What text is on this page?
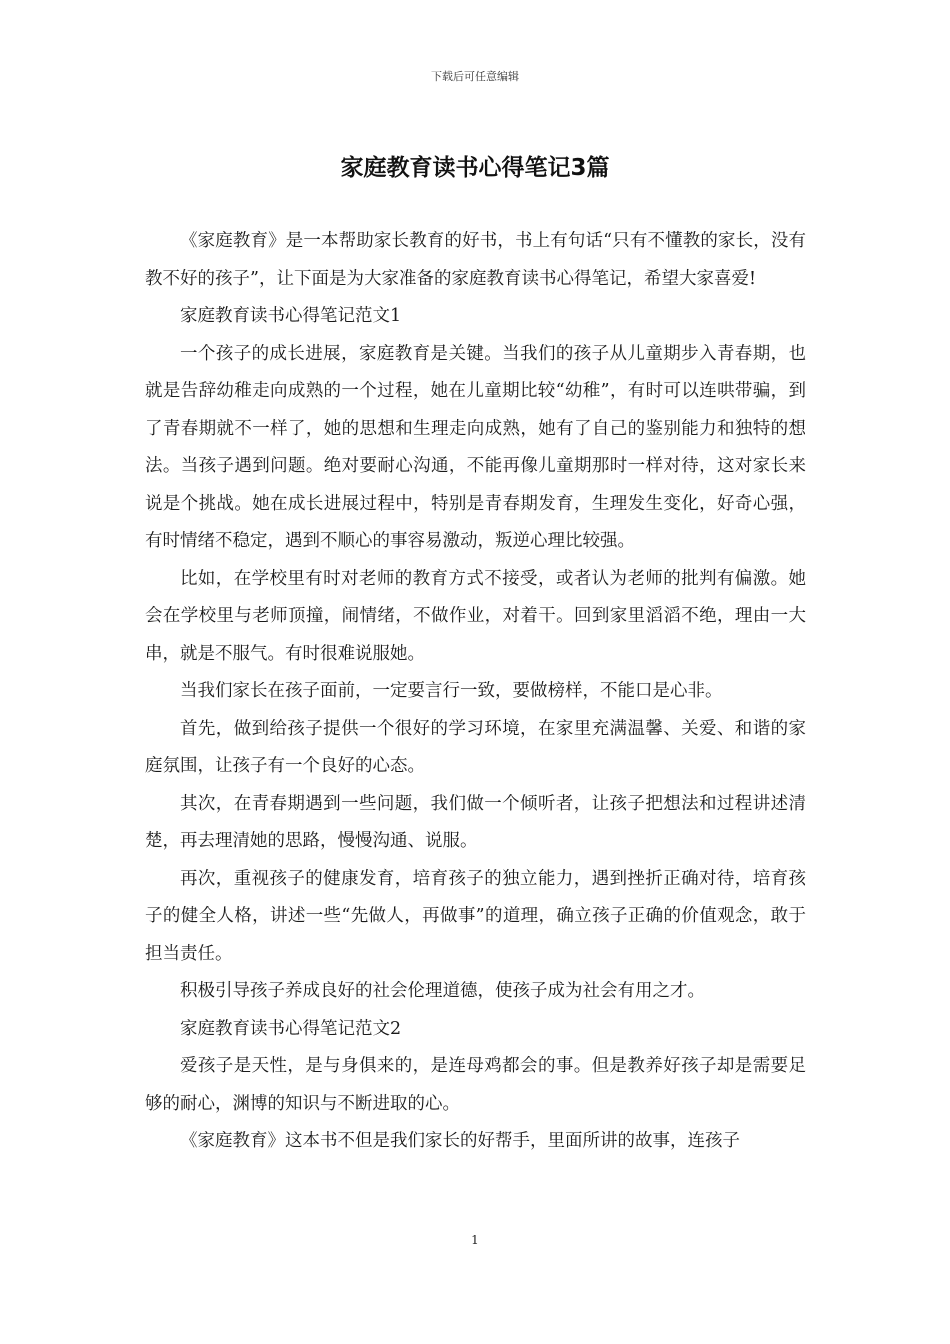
下载后可任意编辑
家庭教育读书心得笔记3篇

《家庭教育》是一本帮助家长教育的好书，书上有句话“只有不懂教的家长，没有教不好的孩子”，让下面是为大家准备的家庭教育读书心得笔记，希望大家喜爱!

家庭教育读书心得笔记范文1

一个孩子的成长进展，家庭教育是关键。当我们的孩子从儿童期步入青春期，也就是告辞幼稚走向成熟的一个过程，她在儿童期比较“幼稚”，有时可以连哄带骗，到了青春期就不一样了，她的思想和生理走向成熟，她有了自己的鉴别能力和独特的想法。当孩子遇到问题。绝对要耐心沟通，不能再像儿童期那时一样对待，这对家长来说是个挑战。她在成长进展过程中，特别是青春期发育，生理发生变化，好奇心强，有时情绪不稳定，遇到不顺心的事容易激动，叛逆心理比较强。

比如，在学校里有时对老师的教育方式不接受，或者认为老师的批判有偏激。她会在学校里与老师顶撞，闹情绪，不做作业，对着干。回到家里滔滔不绝，理由一大串，就是不服气。有时很难说服她。

当我们家长在孩子面前，一定要言行一致，要做榜样，不能口是心非。

首先，做到给孩子提供一个很好的学习环境，在家里充满温馨、关爱、和谐的家庭氛围，让孩子有一个良好的心态。

其次，在青春期遇到一些问题，我们做一个倾听者，让孩子把想法和过程讲述清楚，再去理清她的思路，慢慢沟通、说服。

再次，重视孩子的健康发育，培育孩子的独立能力，遇到挫折正确对待，培育孩子的健全人格，讲述一些“先做人，再做事”的道理，确立孩子正确的价值观念，敢于担当责任。

积极引导孩子养成良好的社会伦理道德，使孩子成为社会有用之才。

家庭教育读书心得笔记范文2

爱孩子是天性，是与身俱来的，是连母鸡都会的事。但是教养好孩子却是需要足够的耐心，渊博的知识与不断进取的心。

《家庭教育》这本书不但是我们家长的好帮手，里面所讲的故事，连孩子

1
